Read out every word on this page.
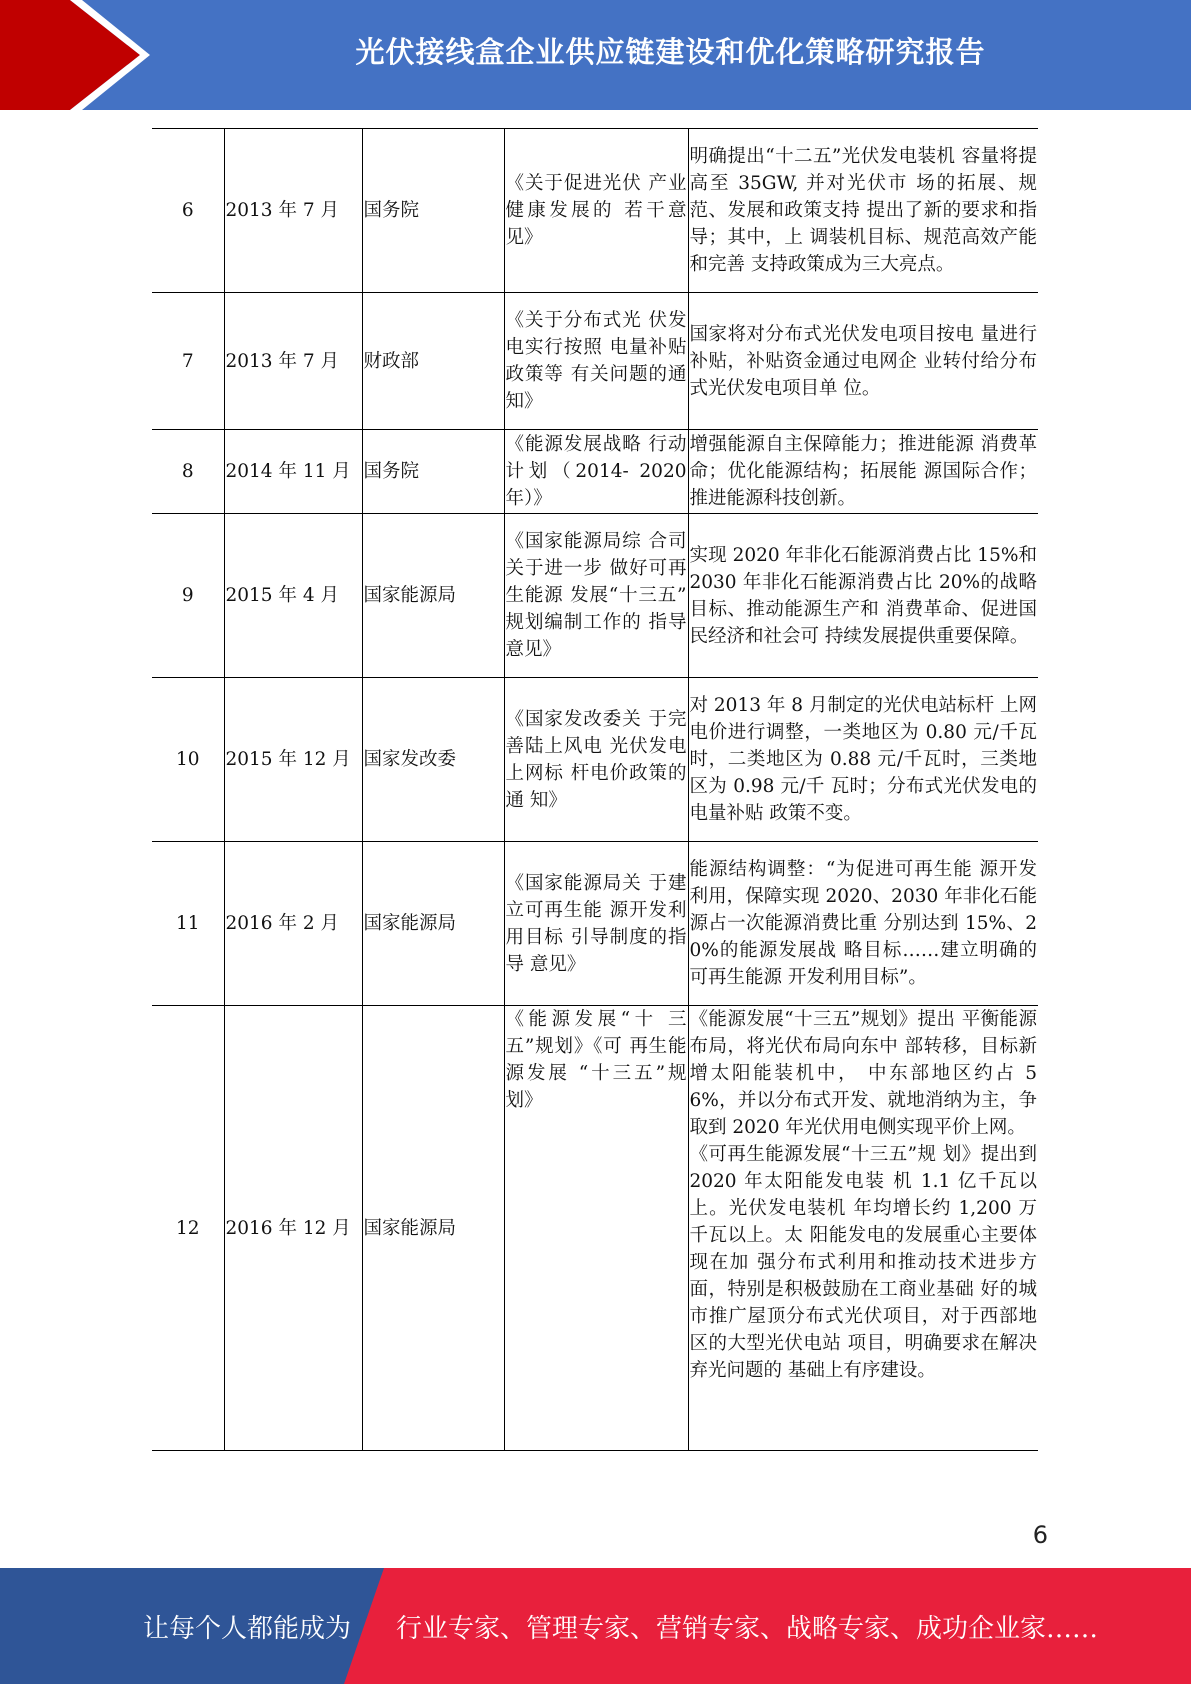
光伏接线盒企业供应链建设和优化策略研究报告
6	2013 年 7 月	国务院	《关于促进光伏 产业健康发展的 若干意见》	明确提出“十二五”光伏发电装机 容量将提高至 35GW, 并对光伏市 场的拓展、规范、发展和政策支持 提出了新的要求和指导；其中，上 调装机目标、规范高效产能和完善 支持政策成为三大亮点。
7	2013 年 7 月	财政部	《关于分布式光 伏发电实行按照 电量补贴政策等 有关问题的通 知》	国家将对分布式光伏发电项目按电 量进行补贴，补贴资金通过电网企 业转付给分布式光伏发电项目单 位。
8	2014 年 11 月	国务院	《能源发展战略 行动计划（2014- 2020 年）》	增强能源自主保障能力；推进能源 消费革命；优化能源结构；拓展能 源国际合作；推进能源科技创新。
9	2015 年 4 月	国家能源局	《国家能源局综 合司关于进一步 做好可再生能源 发展“十三五” 规划编制工作的 指导意见》	实现 2020 年非化石能源消费占比 15%和 2030 年非化石能源消费占比 20%的战略目标、推动能源生产和 消费革命、促进国民经济和社会可 持续发展提供重要保障。
10	2015 年 12 月	国家发改委	《国家发改委关 于完善陆上风电 光伏发电上网标 杆电价政策的通 知》	对 2013 年 8 月制定的光伏电站标杆 上网电价进行调整，一类地区为 0.80 元/千瓦时，二类地区为 0.88 元/千瓦时，三类地区为 0.98 元/千 瓦时；分布式光伏发电的电量补贴 政策不变。
11	2016 年 2 月	国家能源局	《国家能源局关 于建立可再生能 源开发利用目标 引导制度的指导 意见》	能源结构调整：“为促进可再生能 源开发利用，保障实现 2020、2030 年非化石能源占一次能源消费比重 分别达到 15%、20%的能源发展战 略目标……建立明确的可再生能源 开发利用目标”。
12	2016 年 12 月	国家能源局	《能源发展“十 三五”规划》《可 再生能源发展 “十三五”规划》	《能源发展“十三五”规划》提出 平衡能源布局，将光伏布局向东中 部转移，目标新增太阳能装机中， 中东部地区约占 56%，并以分布式开发、就地消纳为主，争取到 2020 年光伏用电侧实现平价上网。
《可再生能源发展“十三五”规 划》提出到 2020 年太阳能发电装 机 1.1 亿千瓦以上。光伏发电装机 年均增长约 1,200 万千瓦以上。太 阳能发电的发展重心主要体现在加 强分布式利用和推动技术进步方 面，特别是积极鼓励在工商业基础 好的城市推广屋顶分布式光伏项目，对于西部地区的大型光伏电站 项目，明确要求在解决弃光问题的 基础上有序建设。
6
让每个人都能成为 行业专家、管理专家、营销专家、战略专家、成功企业家……
